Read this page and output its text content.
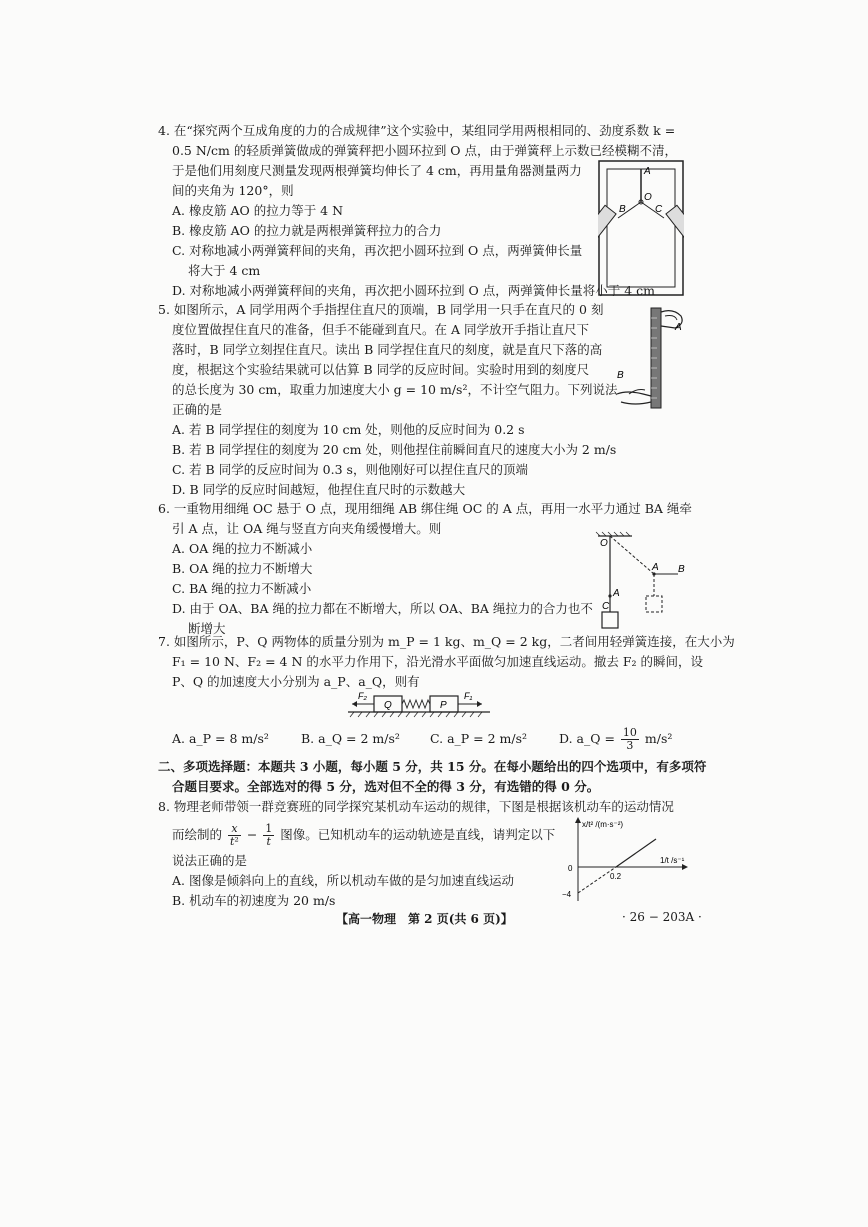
4. 在“探究两个互成角度的力的合成规律”这个实验中，某组同学用两根相同的、劲度系数 k =
0.5 N/cm 的轻质弹簧做成的弹簧秤把小圆环拉到 O 点，由于弹簧秤上示数已经模糊不清，
于是他们用刻度尺测量发现两根弹簧均伸长了 4 cm，再用量角器测量两力
间的夹角为 120°，则
A. 橡皮筋 AO 的拉力等于 4 N
B. 橡皮筋 AO 的拉力就是两根弹簧秤拉力的合力
C. 对称地减小两弹簧秤间的夹角，再次把小圆环拉到 O 点，两弹簧伸长量
将大于 4 cm
D. 对称地减小两弹簧秤间的夹角，再次把小圆环拉到 O 点，两弹簧伸长量将小于 4 cm
A
O
B	C
5. 如图所示，A 同学用两个手指捏住直尺的顶端，B 同学用一只手在直尺的 0 刻
度位置做捏住直尺的准备，但手不能碰到直尺。在 A 同学放开手指让直尺下
落时，B 同学立刻捏住直尺。读出 B 同学捏住直尺的刻度，就是直尺下落的高
度，根据这个实验结果就可以估算 B 同学的反应时间。实验时用到的刻度尺
的总长度为 30 cm，取重力加速度大小 g = 10 m/s²，不计空气阻力。下列说法
正确的是
A. 若 B 同学捏住的刻度为 10 cm 处，则他的反应时间为 0.2 s
B. 若 B 同学捏住的刻度为 20 cm 处，则他捏住前瞬间直尺的速度大小为 2 m/s
C. 若 B 同学的反应时间为 0.3 s，则他刚好可以捏住直尺的顶端
D. B 同学的反应时间越短，他捏住直尺时的示数越大
A
B
6. 一重物用细绳 OC 悬于 O 点，现用细绳 AB 绑住绳 OC 的 A 点，再用一水平力通过 BA 绳牵
引 A 点，让 OA 绳与竖直方向夹角缓慢增大。则
A. OA 绳的拉力不断减小
B. OA 绳的拉力不断增大
C. BA 绳的拉力不断减小
D. 由于 OA、BA 绳的拉力都在不断增大，所以 OA、BA 绳拉力的合力也不
断增大
O
A
C
A B
7. 如图所示，P、Q 两物体的质量分别为 m_P = 1 kg、m_Q = 2 kg，二者间用轻弹簧连接，在大小为
F₁ = 10 N、F₂ = 4 N 的水平力作用下，沿光滑水平面做匀加速直线运动。撤去 F₂ 的瞬间，设
P、Q 的加速度大小分别为 a_P、a_Q，则有
F₂
Q	P
F₁
A. a_P = 8 m/s²	B. a_Q = 2 m/s² C. a_P = 2 m/s²	D. a_Q = $\frac{10}{3} m/s^2$
二、多项选择题：本题共 3 小题，每小题 5 分，共 15 分。在每小题给出的四个选项中，有多项符
合题目要求。全部选对的得 5 分，选对但不全的得 3 分，有选错的得 0 分。
8. 物理老师带领一群竞赛班的同学探究某机动车运动的规律，下图是根据该机动车的运动情况
而绘制的 $\frac{x}{\text{t²}} - \frac{1}{t}$ 图像。已知机动车的运动轨迹是直线，请判定以下
说法正确的是
A. 图像是倾斜向上的直线，所以机动车做的是匀加速直线运动
B. 机动车的初速度为 20 m/s
x/t² /(m·s⁻²)
1/t /s⁻¹
0
0.2
−4
【高一物理　第 2 页(共 6 页)】	· 26 − 203A ·
